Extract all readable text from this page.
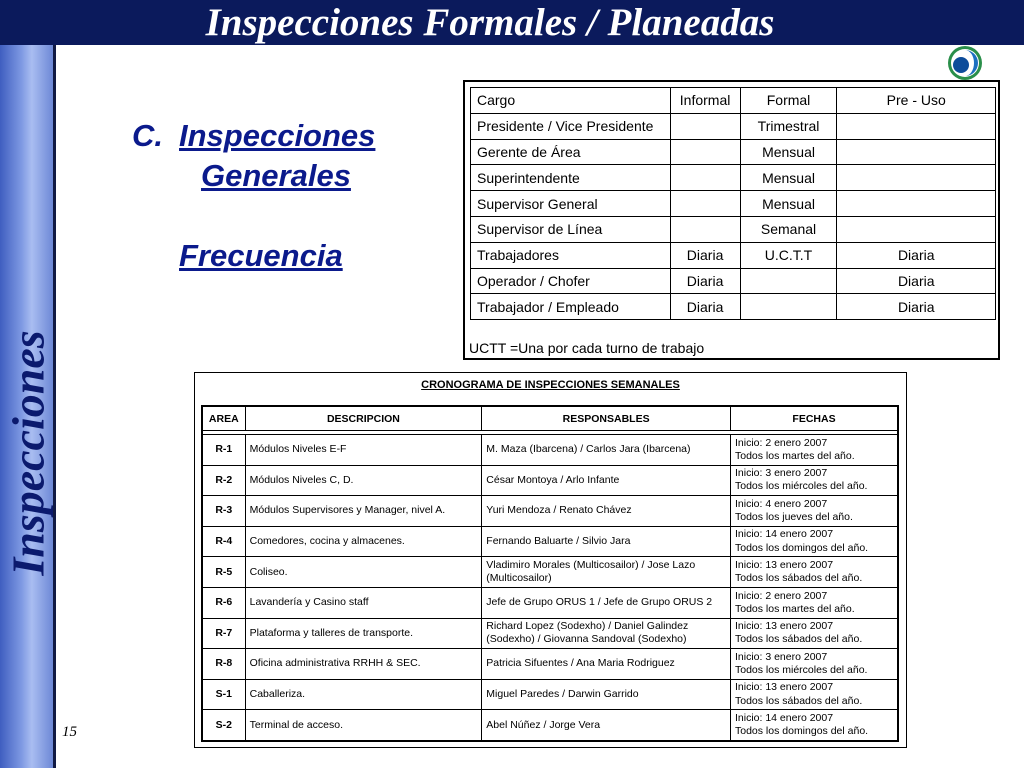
Inspecciones Formales / Planeadas
Inspecciones
15
C. Inspecciones
Generales
Frecuencia
Cargo	Informal	Formal	Pre - Uso
Presidente / Vice Presidente		Trimestral	
Gerente de Área		Mensual	
Superintendente		Mensual	
Supervisor General		Mensual	
Supervisor de Línea		Semanal	
Trabajadores	Diaria	U.C.T.T	Diaria
Operador / Chofer	Diaria		Diaria
Trabajador / Empleado	Diaria		Diaria
UCTT =Una por cada turno de trabajo
CRONOGRAMA DE INSPECCIONES SEMANALES
AREA	DESCRIPCION	RESPONSABLES	FECHAS

R-1	Módulos Niveles E-F	M. Maza (Ibarcena) / Carlos Jara (Ibarcena)	Inicio: 2 enero 2007
Todos los martes del año.
R-2	Módulos Niveles C, D.	César Montoya / Arlo Infante	Inicio: 3 enero 2007
Todos los miércoles del año.
R-3	Módulos Supervisores y Manager, nivel A.	Yuri Mendoza / Renato Chávez	Inicio: 4 enero 2007
Todos los jueves del año.
R-4	Comedores, cocina y almacenes.	Fernando Baluarte / Silvio Jara	Inicio: 14 enero 2007
Todos los domingos del año.
R-5	Coliseo.	Vladimiro Morales (Multicosailor) / Jose Lazo (Multicosailor)	Inicio: 13 enero 2007
Todos los sábados del año.
R-6	Lavandería y Casino staff	Jefe de Grupo ORUS 1 / Jefe de Grupo ORUS 2	Inicio: 2 enero 2007
Todos los martes del año.
R-7	Plataforma y talleres de transporte.	Richard Lopez (Sodexho) / Daniel Galindez (Sodexho) / Giovanna Sandoval (Sodexho)	Inicio: 13 enero 2007
Todos los sábados del año.
R-8	Oficina administrativa RRHH & SEC.	Patricia Sifuentes / Ana Maria Rodriguez	Inicio: 3 enero 2007
Todos los miércoles del año.
S-1	Caballeriza.	Miguel Paredes / Darwin Garrido	Inicio: 13 enero 2007
Todos los sábados del año.
S-2	Terminal de acceso.	Abel Núñez / Jorge Vera	Inicio: 14 enero 2007
Todos los domingos del año.
